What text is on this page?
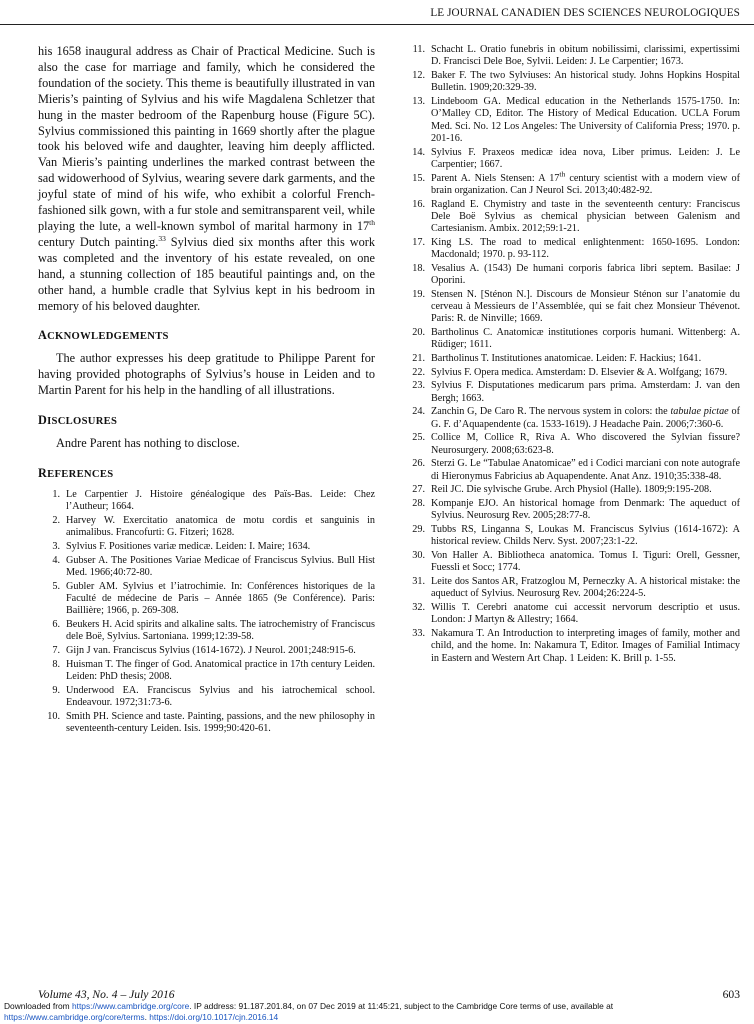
LE JOURNAL CANADIEN DES SCIENCES NEUROLOGIQUES

his 1658 inaugural address as Chair of Practical Medicine. Such is also the case for marriage and family, which he considered the foundation of the society. This theme is beautifully illustrated in van Mieris’s painting of Sylvius and his wife Magdalena Schletzer that hung in the master bedroom of the Rapenburg house (Figure 5C). Sylvius commissioned this painting in 1669 shortly after the plague took his beloved wife and daughter, leaving him deeply afflicted. Van Mieris’s painting underlines the marked contrast between the sad widowerhood of Sylvius, wearing severe dark garments, and the joyful state of mind of his wife, who exhibit a colorful French-fashioned silk gown, with a fur stole and semitransparent veil, while playing the lute, a well-known symbol of marital harmony in 17th century Dutch painting.$^{33}$ Sylvius died six months after this work was completed and the inventory of his estate revealed, on one hand, a stunning collection of 185 beautiful paintings and, on the other hand, a humble cradle that Sylvius kept in his bedroom in memory of his beloved daughter.

ACKNOWLEDGEMENTS

The author expresses his deep gratitude to Philippe Parent for having provided photographs of Sylvius’s house in Leiden and to Martin Parent for his help in the handling of all illustrations.

DISCLOSURES

Andre Parent has nothing to disclose.

REFERENCES
1. Le Carpentier J. Histoire généalogique des Païs-Bas. Leide: Chez l’Autheur; 1664.
2. Harvey W. Exercitatio anatomica de motu cordis et sanguinis in animalibus. Francofurti: G. Fitzeri; 1628.
3. Sylvius F. Positiones variæ medicæ. Leiden: I. Maire; 1634.
4. Gubser A. The Positiones Variae Medicae of Franciscus Sylvius. Bull Hist Med. 1966;40:72-80.
5. Gubler AM. Sylvius et l’iatrochimie. In: Conférences historiques de la Faculté de médecine de Paris – Année 1865 (9e Conférence). Paris: Baillière; 1966, p. 269-308.
6. Beukers H. Acid spirits and alkaline salts. The iatrochemistry of Franciscus dele Boë, Sylvius. Sartoniana. 1999;12:39-58.
7. Gijn J van. Franciscus Sylvius (1614-1672). J Neurol. 2001;248:915-6.
8. Huisman T. The finger of God. Anatomical practice in 17th century Leiden. Leiden: PhD thesis; 2008.
9. Underwood EA. Franciscus Sylvius and his iatrochemical school. Endeavour. 1972;31:73-6.
10. Smith PH. Science and taste. Painting, passions, and the new philosophy in seventeenth-century Leiden. Isis. 1999;90:420-61.
11. Schacht L. Oratio funebris in obitum nobilissimi, clarissimi, expertissimi D. Francisci Dele Boe, Sylvii. Leiden: J. Le Carpentier; 1673.
12. Baker F. The two Sylviuses: An historical study. Johns Hopkins Hospital Bulletin. 1909;20:329-39.
13. Lindeboom GA. Medical education in the Netherlands 1575-1750. In: O’Malley CD, Editor. The History of Medical Education. UCLA Forum Med. Sci. No. 12 Los Angeles: The University of California Press; 1970. p. 201-16.
14. Sylvius F. Praxeos medicæ idea nova, Liber primus. Leiden: J. Le Carpentier; 1667.
15. Parent A. Niels Stensen: A 17th century scientist with a modern view of brain organization. Can J Neurol Sci. 2013;40:482-92.
16. Ragland E. Chymistry and taste in the seventeenth century: Franciscus Dele Boë Sylvius as chemical physician between Galenism and Cartesianism. Ambix. 2012;59:1-21.
17. King LS. The road to medical enlightenment: 1650-1695. London: Macdonald; 1970. p. 93-112.
18. Vesalius A. (1543) De humani corporis fabrica libri septem. Basilae: J Oporini.
19. Stensen N. [Sténon N.]. Discours de Monsieur Sténon sur l’anatomie du cerveau à Messieurs de l’Assemblée, qui se fait chez Monsieur Thévenot. Paris: R. de Ninville; 1669.
20. Bartholinus C. Anatomicæ institutiones corporis humani. Wittenberg: A. Rüdiger; 1611.
21. Bartholinus T. Institutiones anatomicae. Leiden: F. Hackius; 1641.
22. Sylvius F. Opera medica. Amsterdam: D. Elsevier & A. Wolfgang; 1679.
23. Sylvius F. Disputationes medicarum pars prima. Amsterdam: J. van den Bergh; 1663.
24. Zanchin G, De Caro R. The nervous system in colors: the tabulae pictae of G. F. d’Aquapendente (ca. 1533-1619). J Headache Pain. 2006;7:360-6.
25. Collice M, Collice R, Riva A. Who discovered the Sylvian fissure? Neurosurgery. 2008;63:623-8.
26. Sterzi G. Le “Tabulae Anatomicae” ed i Codici marciani con note autografe di Hieronymus Fabricius ab Aquapendente. Anat Anz. 1910;35:338-48.
27. Reil JC. Die sylvische Grube. Arch Physiol (Halle). 1809;9:195-208.
28. Kompanje EJO. An historical homage from Denmark: The aqueduct of Sylvius. Neurosurg Rev. 2005;28:77-8.
29. Tubbs RS, Linganna S, Loukas M. Franciscus Sylvius (1614-1672): A historical review. Childs Nerv. Syst. 2007;23:1-22.
30. Von Haller A. Bibliotheca anatomica. Tomus I. Tiguri: Orell, Gessner, Fuessli et Socc; 1774.
31. Leite dos Santos AR, Fratzoglou M, Perneczky A. A historical mistake: the aqueduct of Sylvius. Neurosurg Rev. 2004;26:224-5.
32. Willis T. Cerebri anatome cui accessit nervorum descriptio et usus. London: J Martyn & Allestry; 1664.
33. Nakamura T. An Introduction to interpreting images of family, mother and child, and the home. In: Nakamura T, Editor. Images of Familial Intimacy in Eastern and Western Art Chap. 1 Leiden: K. Brill p. 1-55.
Volume 43, No. 4 – July 2016	603
Downloaded from https://www.cambridge.org/core. IP address: 91.187.201.84, on 07 Dec 2019 at 11:45:21, subject to the Cambridge Core terms of use, available at
https://www.cambridge.org/core/terms. https://doi.org/10.1017/cjn.2016.14
